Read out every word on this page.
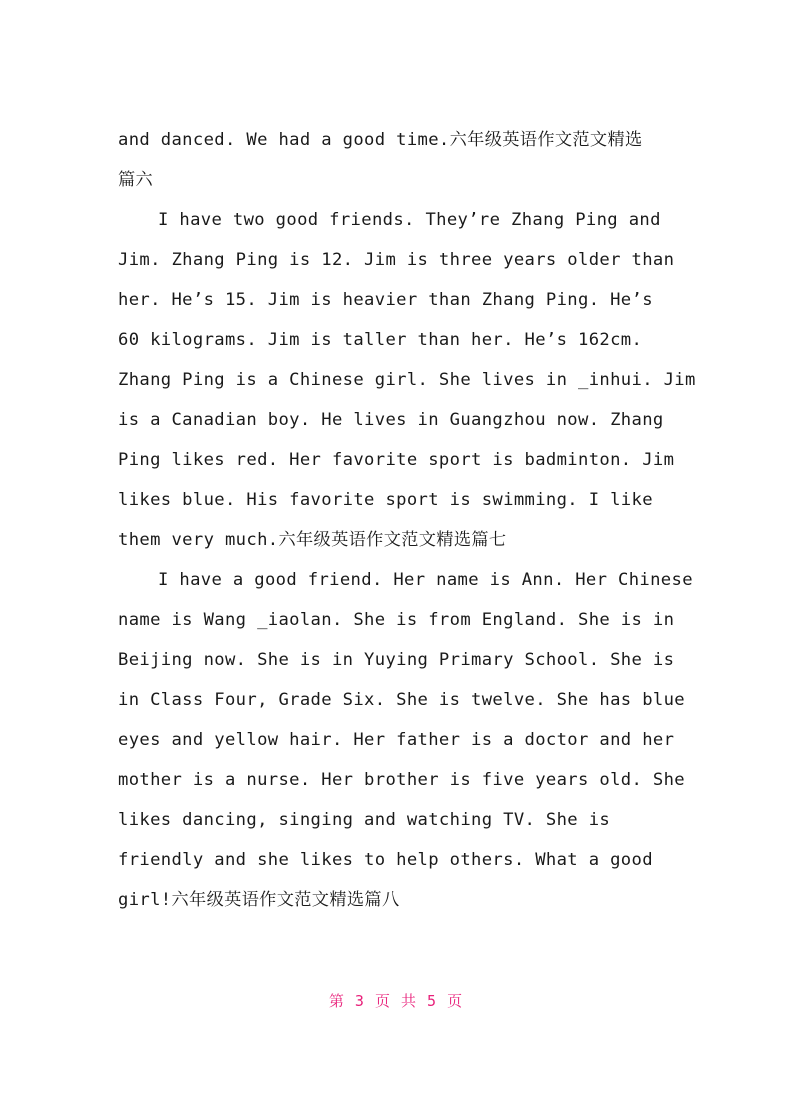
and danced. We had a good time.六年级英语作文范文精选
篇六
I have two good friends. They’re Zhang Ping and
Jim. Zhang Ping is 12. Jim is three years older than
her. He’s 15. Jim is heavier than Zhang Ping. He’s
60 kilograms. Jim is taller than her. He’s 162cm.
Zhang Ping is a Chinese girl. She lives in _inhui. Jim
is a Canadian boy. He lives in Guangzhou now. Zhang
Ping likes red. Her favorite sport is badminton. Jim
likes blue. His favorite sport is swimming. I like
them very much.六年级英语作文范文精选篇七
I have a good friend. Her name is Ann. Her Chinese
name is Wang _iaolan. She is from England. She is in
Beijing now. She is in Yuying Primary School. She is
in Class Four, Grade Six. She is twelve. She has blue
eyes and yellow hair. Her father is a doctor and her
mother is a nurse. Her brother is five years old. She
likes dancing, singing and watching TV. She is
friendly and she likes to help others. What a good
girl!六年级英语作文范文精选篇八
第 3 页 共 5 页
